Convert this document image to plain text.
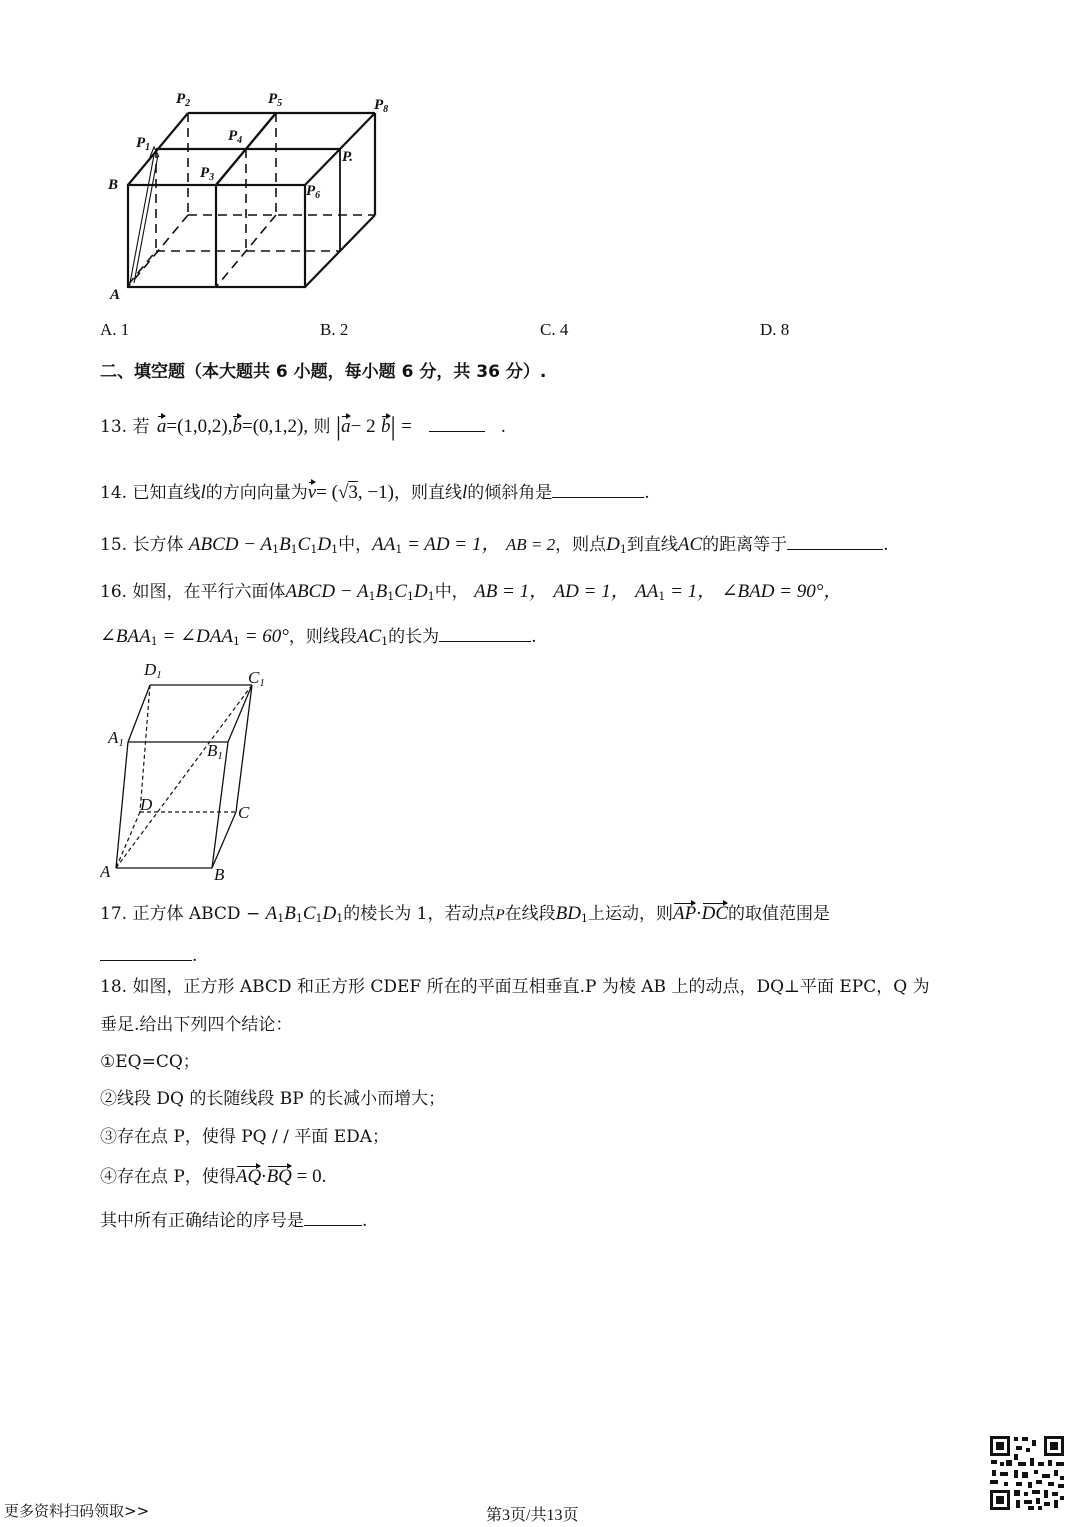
$P_2$	$P_5$	$P_8$
$P_1$
$P_4$
P.
$P_3$
$P_6$
B
A
A. 1	B. 2	C. 4	D. 8
二、填空题（本大题共 6 小题，每小题 6 分，共 36 分）.
13. 若 a=(1,0,2),b=(0,1,2), 则 |a− 2 b| =	.
14. 已知直线l的方向向量为v= (√3, −1)，则直线l的倾斜角是	.
15. 长方体 ABCD − $A_1B_1C_1D_1$中，$AA_1$ = AD = 1， AB = 2，则点$D_1$到直线AC的距离等于	.
16. 如图，在平行六面体ABCD − $A_1B_1C_1D_1$中， AB = 1， AD = 1， $AA_1 = 1$， ∠BAD = 90°，
$\angle BAA_1$ = $\angle DAA_1 = 60^\circ$，则线段$AC_1$的长为	.
D1	C1
A1	B1
D	C
A	B
17. 正方体 ABCD − $A_1B_1C_1D_1$的棱长为 1，若动点P在线段$BD_1$上运动，则AP·DC的取值范围是
.
18. 如图，正方形 ABCD 和正方形 CDEF 所在的平面互相垂直.P 为棱 AB 上的动点，DQ⊥平面 EPC，Q 为
垂足.给出下列四个结论：
①EQ=CQ；
②线段 DQ 的长随线段 BP 的长减小而增大；
③存在点 P，使得 PQ / / 平面 EDA；
④存在点 P，使得AQ·BQ = 0.
其中所有正确结论的序号是	.
更多资料扫码领取>>	第3页/共13页
